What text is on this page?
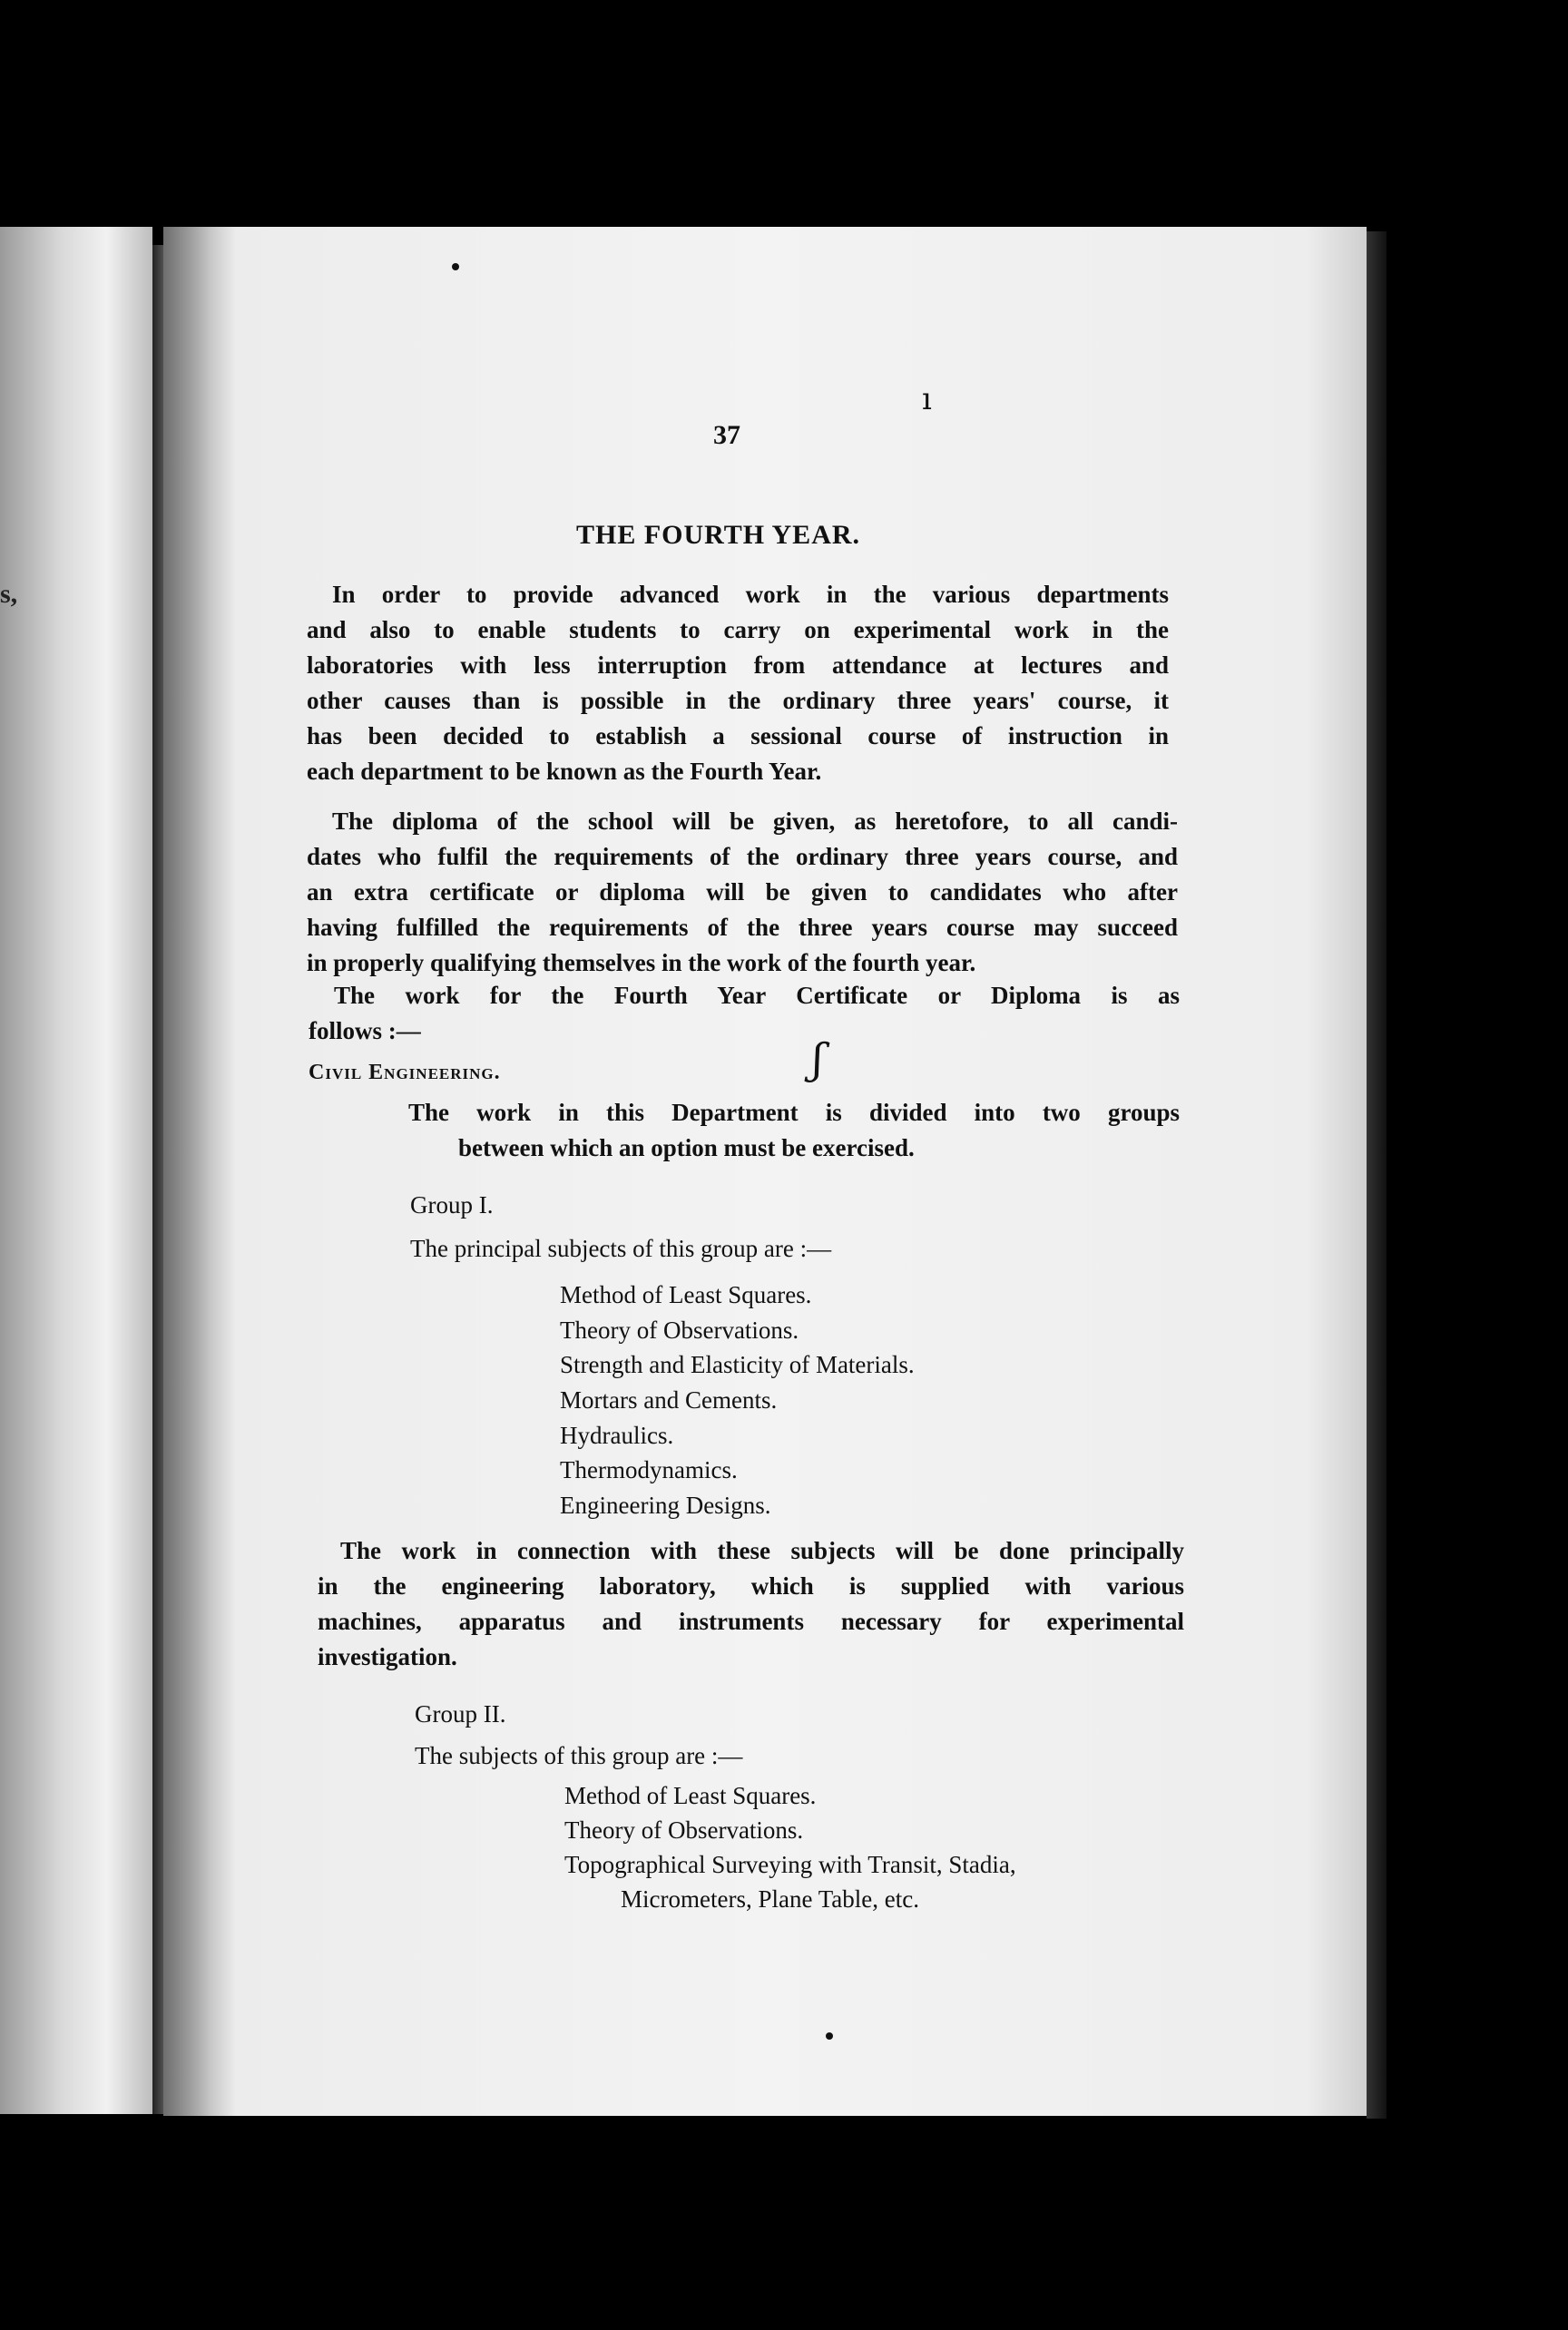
s,
ı
ʃ
37
THE FOURTH YEAR.

In order to provide advanced work in the various departments

and also to enable students to carry on experimental work in the

laboratories with less interruption from attendance at lectures and

other causes than is possible in the ordinary three years' course, it

has been decided to establish a sessional course of instruction in

each department to be known as the Fourth Year.

The diploma of the school will be given, as heretofore, to all candi-

dates who fulfil the requirements of the ordinary three years course, and

an extra certificate or diploma will be given to candidates who after

having fulfilled the requirements of the three years course may succeed

in properly qualifying themselves in the work of the fourth year.

The work for the Fourth Year Certificate or Diploma is as

follows :—

Civil Engineering.

The work in this Department is divided into two groups

between which an option must be exercised.

Group I.
The principal subjects of this group are :—
Method of Least Squares.
Theory of Observations.
Strength and Elasticity of Materials.
Mortars and Cements.
Hydraulics.
Thermodynamics.
Engineering Designs.

The work in connection with these subjects will be done principally

in the engineering laboratory, which is supplied with various

machines, apparatus and instruments necessary for experimental

investigation.

Group II.
The subjects of this group are :—
Method of Least Squares.
Theory of Observations.
Topographical Surveying with Transit, Stadia,
Micrometers, Plane Table, etc.
